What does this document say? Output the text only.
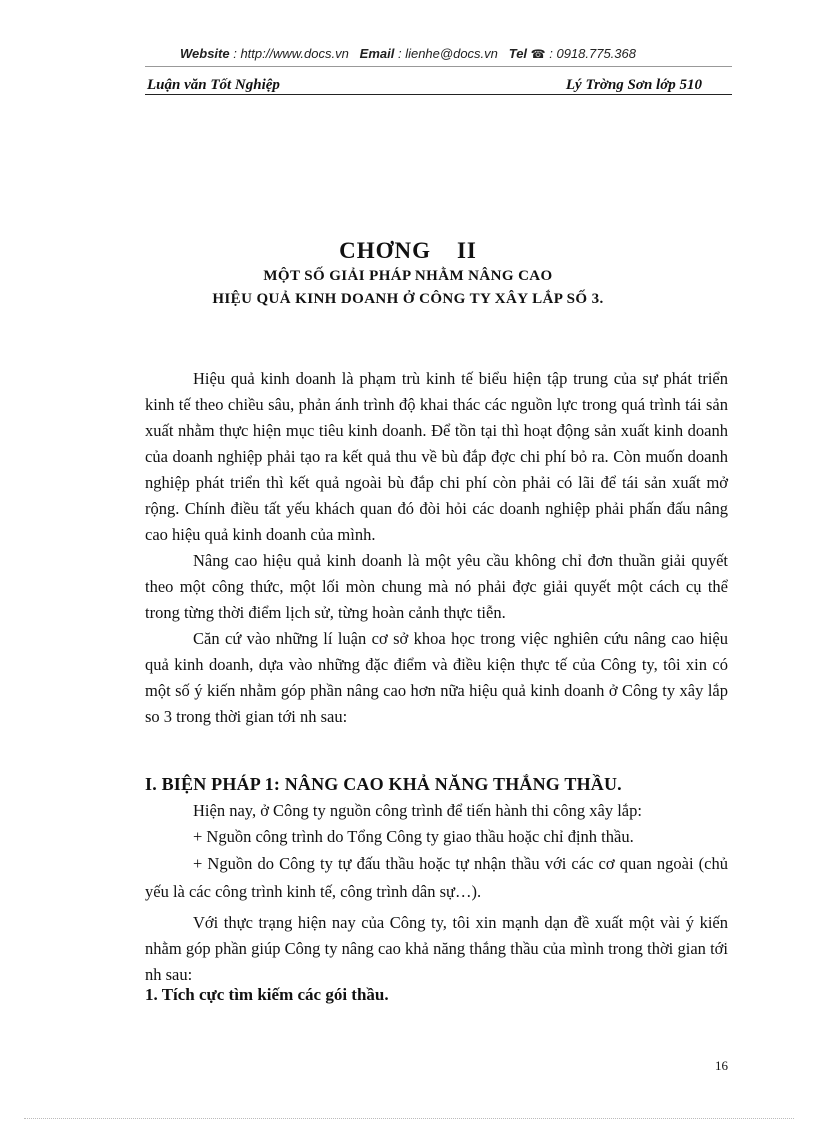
Website : http://www.docs.vn Email : lienhe@docs.vn Tel ☎ : 0918.775.368
Luận văn Tốt Nghiệp	Lý Trờng Sơn lớp 510
CHƠNG II
MỘT SỐ GIẢI PHÁP NHẰM NÂNG CAO
HIỆU QUẢ KINH DOANH Ở CÔNG TY XÂY LẮP SỐ 3.

Hiệu quả kinh doanh là phạm trù kinh tế biểu hiện tập trung của sự phát triển kinh tế theo chiều sâu, phản ánh trình độ khai thác các nguồn lực trong quá trình tái sản xuất nhằm thực hiện mục tiêu kinh doanh. Để tồn tại thì hoạt động sản xuất kinh doanh của doanh nghiệp phải tạo ra kết quả thu về bù đắp đợc chi phí bỏ ra. Còn muốn doanh nghiệp phát triển thì kết quả ngoài bù đắp chi phí còn phải có lãi để tái sản xuất mở rộng. Chính điều tất yếu khách quan đó đòi hỏi các doanh nghiệp phải phấn đấu nâng cao hiệu quả kinh doanh của mình.

Nâng cao hiệu quả kinh doanh là một yêu cầu không chỉ đơn thuần giải quyết theo một công thức, một lối mòn chung mà nó phải đợc giải quyết một cách cụ thể trong từng thời điểm lịch sử, từng hoàn cảnh thực tiễn.

Căn cứ vào những lí luận cơ sở khoa học trong việc nghiên cứu nâng cao hiệu quả kinh doanh, dựa vào những đặc điểm và điều kiện thực tế của Công ty, tôi xin có một số ý kiến nhằm góp phần nâng cao hơn nữa hiệu quả kinh doanh ở Công ty xây lắp so 3 trong thời gian tới nh sau:

I. BIỆN PHÁP 1: NÂNG CAO KHẢ NĂNG THẮNG THẦU.

Hiện nay, ở Công ty nguồn công trình để tiến hành thi công xây lắp:

+ Nguồn công trình do Tổng Công ty giao thầu hoặc chỉ định thầu.

+ Nguồn do Công ty tự đấu thầu hoặc tự nhận thầu với các cơ quan ngoài (chủ yếu là các công trình kinh tế, công trình dân sự…).

Với thực trạng hiện nay của Công ty, tôi xin mạnh dạn đề xuất một vài ý kiến nhằm góp phần giúp Công ty nâng cao khả năng thắng thầu của mình trong thời gian tới nh sau:

1. Tích cực tìm kiếm các gói thầu.
16
